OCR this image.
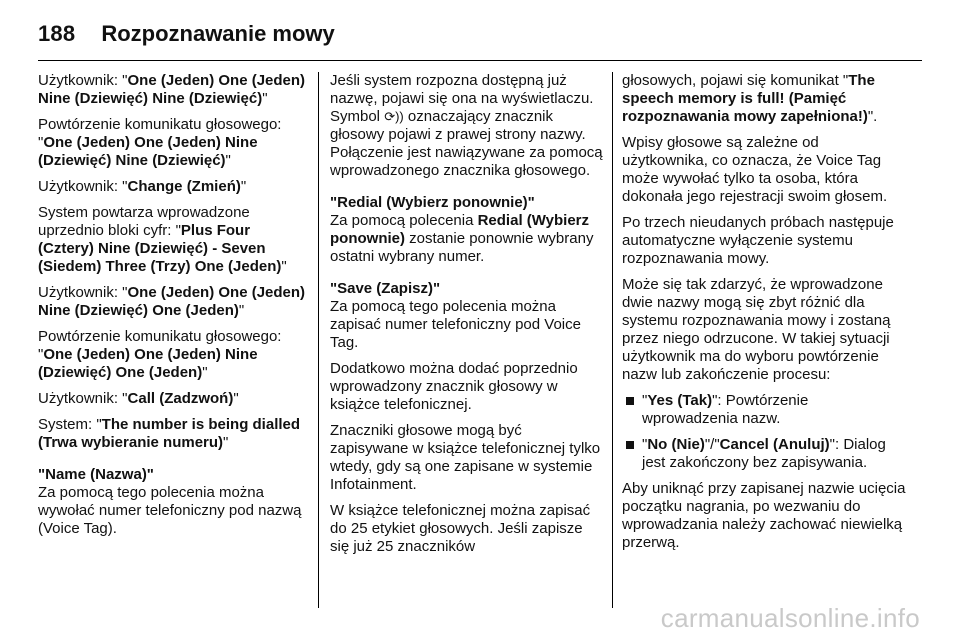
188 Rozpoznawanie mowy

Użytkownik: "One (Jeden) One (Jeden) Nine (Dziewięć) Nine (Dziewięć)"

Powtórzenie komunikatu głosowego: "One (Jeden) One (Jeden) Nine (Dziewięć) Nine (Dziewięć)"

Użytkownik: "Change (Zmień)"

System powtarza wprowadzone uprzednio bloki cyfr: "Plus Four (Cztery) Nine (Dziewięć) - Seven (Siedem) Three (Trzy) One (Jeden)"

Użytkownik: "One (Jeden) One (Jeden) Nine (Dziewięć) One (Jeden)"

Powtórzenie komunikatu głosowego: "One (Jeden) One (Jeden) Nine (Dziewięć) One (Jeden)"

Użytkownik: "Call (Zadzwoń)"

System: "The number is being dialled (Trwa wybieranie numeru)"

"Name (Nazwa)"

Za pomocą tego polecenia można wywołać numer telefoniczny pod nazwą (Voice Tag).

Jeśli system rozpozna dostępną już nazwę, pojawi się ona na wyświetlaczu. Symbol ⟳)) oznaczający znacznik głosowy pojawi z prawej strony nazwy. Połączenie jest nawiązywane za pomocą wprowadzonego znacznika głosowego.

"Redial (Wybierz ponownie)"

Za pomocą polecenia Redial (Wybierz ponownie) zostanie ponownie wybrany ostatni wybrany numer.

"Save (Zapisz)"

Za pomocą tego polecenia można zapisać numer telefoniczny pod Voice Tag.

Dodatkowo można dodać poprzednio wprowadzony znacznik głosowy w książce telefonicznej.

Znaczniki głosowe mogą być zapisywane w książce telefonicznej tylko wtedy, gdy są one zapisane w systemie Infotainment.

W książce telefonicznej można zapisać do 25 etykiet głosowych. Jeśli zapisze się już 25 znaczników

głosowych, pojawi się komunikat "The speech memory is full! (Pamięć rozpoznawania mowy zapełniona!)".

Wpisy głosowe są zależne od użytkownika, co oznacza, że Voice Tag może wywołać tylko ta osoba, która dokonała jego rejestracji swoim głosem.

Po trzech nieudanych próbach następuje automatyczne wyłączenie systemu rozpoznawania mowy.

Może się tak zdarzyć, że wprowadzone dwie nazwy mogą się zbyt różnić dla systemu rozpoznawania mowy i zostaną przez niego odrzucone. W takiej sytuacji użytkownik ma do wyboru powtórzenie nazw lub zakończenie procesu:

"Yes (Tak)": Powtórzenie wprowadzenia nazw.
"No (Nie)"/"Cancel (Anuluj)": Dialog jest zakończony bez zapisywania.

Aby uniknąć przy zapisanej nazwie ucięcia początku nagrania, po wezwaniu do wprowadzania należy zachować niewielką przerwą.

carmanualsonline.info
